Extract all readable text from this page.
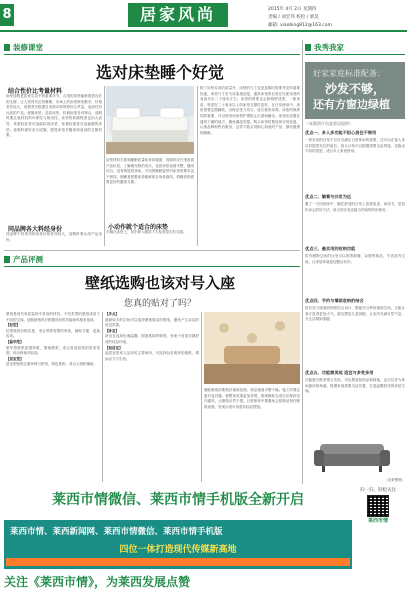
8	居家风尚	2015年 4月 2日 星期四
责编 / 刘宏伟 校检 / 栗昊
邮箱: xiaobing812@163.com
装修课堂
选对床垫睡个好觉
结合性价比考量材料
床垫选购是居家生活中的重要环节，合适的床垫能够提供良好的支撑，让人获得充足的睡眠。市场上的床垫种类繁多，价格差异较大，消费者应根据自身需求和预算综合考量，选择性价比高的产品。弹簧床垫、乳胶床垫、棕榈床垫各有特点，选购时要注意材料的环保性与耐用性。床垫的软硬程度也因人而异，体重较轻者可选偏软的床垫，体重较重者宜选偏硬的床垫。选购时最好亲自试躺，感受床垫对腰部和肩部的支撑效果。
同品牌各大料经身份
同品牌不同系列的床垫价格差异较大，选购时要认清产品身份。
床垫材料关系到睡眠质量和身体健康，选购时应仔细查看产品标签，了解填充物的成分。优质床垫表面平整，缝线均匀，没有明显的异味。不同的睡眠姿势对床垫的要求也不相同，侧睡者需要床垫能够贴合身体曲线，仰睡者则需要更好的腰部支撑。
小动作就个适合的床垫
平躺在床垫上，用手伸入腰部下方检查是否有空隙。
除了床垫本身的质量外，床垫的尺寸也是选购时需要考虑的重要因素。床垫尺寸应与床架相匹配，通常床垫的长度应比使用者的身高多出二十厘米左右。床垫的厚度也会影响舒适度，一般来说，厚度在二十厘米以上的床垫支撑性更好。在日常使用中，床垫需要定期翻转，以保证受力均匀，延长使用寿命。床垫的保养同样重要，可以使用床垫保护罩防止污渍和螨虫。床垫应放置在通风干燥的地方，避免潮湿发霉。购买床垫时要选择正规渠道，认准品牌和售后服务，这样才能买到称心如意的产品，拥有健康的睡眠。
产品评测
壁纸选购也该对号入座
您真的贴对了吗？
壁纸是现代家居装饰中常用的材料，不同类型的壁纸适用于不同的空间。选购壁纸时应根据房间的功能和风格来选择。
【轻型】
轻型壁纸价格实惠，适合预算有限的家庭，铺贴方便，更换容易。
【豪华型】
豪华型壁纸质感厚重，图案精美，适合营造高档的居家氛围，但价格相对较高。
【居室型】
居室型壁纸注重环保与舒适，颜色柔和，适合大面积铺贴。
【多点】
墙面较多的空间可以选择图案简洁的壁纸，避免产生杂乱的视觉效果。
【卧室】
卧室宜选择色调温馨、图案柔和的壁纸，有助于营造安静舒适的休息环境。
【起居室】
起居室是家人活动的主要场所，可选择色彩明快的壁纸，增添活力与生机。
铺贴壁纸前要做好墙面处理，保证墙面平整干燥。施工时要注意对花对缝，使整体效果更加美观。壁纸铺贴完成后应保持室内通风，让壁纸自然干透。日常保养中要避免尖锐物品划伤壁纸表面，发现污渍可用湿布轻轻擦拭。
我秀我家
好家家庭标准配备：
沙发不够，
还有方窗边绿植
（本版图片由某家居提供）
优点一、多人多功能不担心居住不够用
一套实用的沙发不仅可以满足日常休闲的需要，还可以在客人来访时提供充足的座位。组合沙发可以根据需要自由拼接，变换出不同的造型，适合多人家庭使用。
优点二、躺着与沙发为伍
累了一天回到家中，躺在舒适的沙发上看看电视、读读书，是放松身心的好方法。宽大的沙发还能当作临时的床使用。
优点三、最实用的收纳功能
带有储物空间的沙发可以收纳被褥、杂物等物品，节省室内空间，让家居环境更加整洁有序。
优点四、节约与墙面收纳的结合
将沙发与墙面收纳柜结合设计，既能充分利用墙面空间，又能让客厅显得更加大气。窗边摆放几盆绿植，让室内充满自然气息，为生活增添情趣。
优点五、功能窗美观 适宜与多变多用
功能窗台既美观又实用，可以摆放装饰品和绿植，也可以作为休闲阅读的角落。根据家庭需要灵活布置，打造温馨舒适的家居空间。
（宋家整理）
莱西市情微信、莱西市情手机版全新开启
扫一扫，轻松关注
莱西市情
莱西市情、莱西新闻网、莱西市情微信、莱西市情手机版
四位一体打造现代传媒新高地
关注《莱西市情》，为莱西发展点赞
